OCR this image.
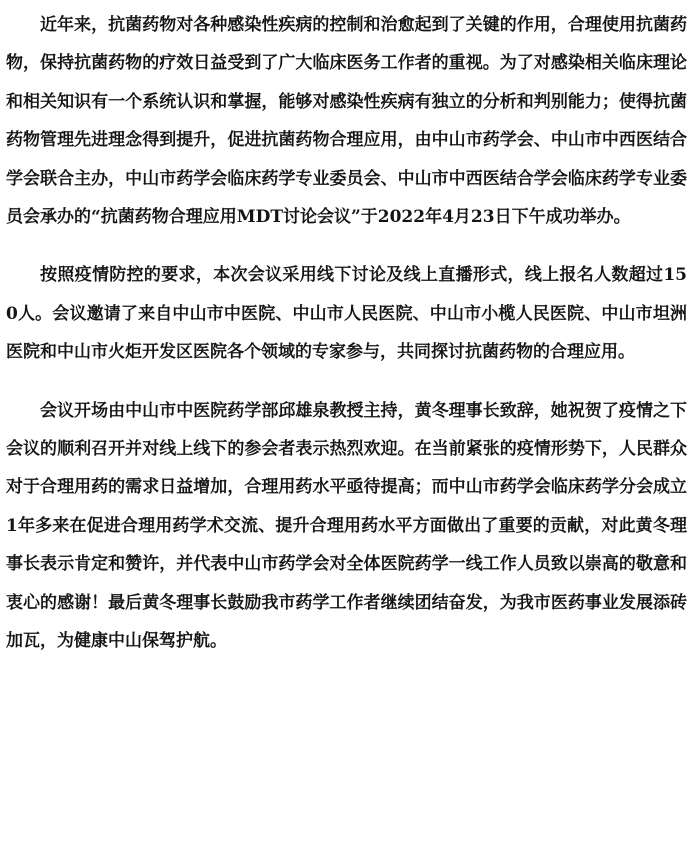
近年来，抗菌药物对各种感染性疾病的控制和治愈起到了关键的作用，合理使用抗菌药物，保持抗菌药物的疗效日益受到了广大临床医务工作者的重视。为了对感染相关临床理论和相关知识有一个系统认识和掌握，能够对感染性疾病有独立的分析和判别能力；使得抗菌药物管理先进理念得到提升，促进抗菌药物合理应用，由中山市药学会、中山市中西医结合学会联合主办，中山市药学会临床药学专业委员会、中山市中西医结合学会临床药学专业委员会承办的“抗菌药物合理应用MDT讨论会议”于2022年4月23日下午成功举办。

按照疫情防控的要求，本次会议采用线下讨论及线上直播形式，线上报名人数超过150人。会议邀请了来自中山市中医院、中山市人民医院、中山市小榄人民医院、中山市坦洲医院和中山市火炬开发区医院各个领域的专家参与，共同探讨抗菌药物的合理应用。

会议开场由中山市中医院药学部邱雄泉教授主持，黄冬理事长致辞，她祝贺了疫情之下会议的顺利召开并对线上线下的参会者表示热烈欢迎。在当前紧张的疫情形势下，人民群众对于合理用药的需求日益增加，合理用药水平亟待提高；而中山市药学会临床药学分会成立1年多来在促进合理用药学术交流、提升合理用药水平方面做出了重要的贡献，对此黄冬理事长表示肯定和赞许，并代表中山市药学会对全体医院药学一线工作人员致以崇高的敬意和衷心的感谢！最后黄冬理事长鼓励我市药学工作者继续团结奋发，为我市医药事业发展添砖加瓦，为健康中山保驾护航。
